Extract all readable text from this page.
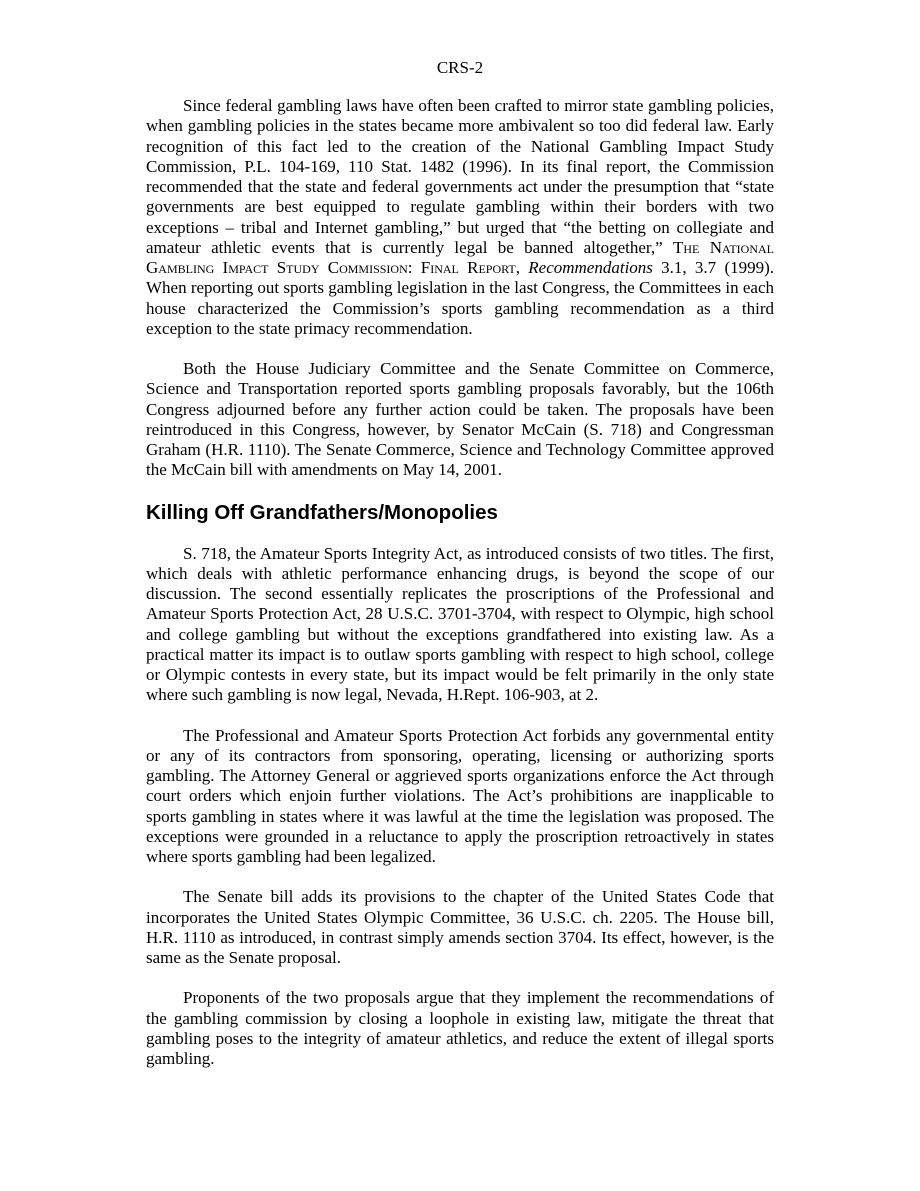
CRS-2

Since federal gambling laws have often been crafted to mirror state gambling policies, when gambling policies in the states became more ambivalent so too did federal law. Early recognition of this fact led to the creation of the National Gambling Impact Study Commission, P.L. 104-169, 110 Stat. 1482 (1996). In its final report, the Commission recommended that the state and federal governments act under the presumption that “state governments are best equipped to regulate gambling within their borders with two exceptions – tribal and Internet gambling,” but urged that “the betting on collegiate and amateur athletic events that is currently legal be banned altogether,” The National Gambling Impact Study Commission: Final Report, Recommendations 3.1, 3.7 (1999). When reporting out sports gambling legislation in the last Congress, the Committees in each house characterized the Commission’s sports gambling recommendation as a third exception to the state primacy recommendation.

Both the House Judiciary Committee and the Senate Committee on Commerce, Science and Transportation reported sports gambling proposals favorably, but the 106th Congress adjourned before any further action could be taken. The proposals have been reintroduced in this Congress, however, by Senator McCain (S. 718) and Congressman Graham (H.R. 1110). The Senate Commerce, Science and Technology Committee approved the McCain bill with amendments on May 14, 2001.

Killing Off Grandfathers/Monopolies

S. 718, the Amateur Sports Integrity Act, as introduced consists of two titles. The first, which deals with athletic performance enhancing drugs, is beyond the scope of our discussion. The second essentially replicates the proscriptions of the Professional and Amateur Sports Protection Act, 28 U.S.C. 3701-3704, with respect to Olympic, high school and college gambling but without the exceptions grandfathered into existing law. As a practical matter its impact is to outlaw sports gambling with respect to high school, college or Olympic contests in every state, but its impact would be felt primarily in the only state where such gambling is now legal, Nevada, H.Rept. 106-903, at 2.

The Professional and Amateur Sports Protection Act forbids any governmental entity or any of its contractors from sponsoring, operating, licensing or authorizing sports gambling. The Attorney General or aggrieved sports organizations enforce the Act through court orders which enjoin further violations. The Act’s prohibitions are inapplicable to sports gambling in states where it was lawful at the time the legislation was proposed. The exceptions were grounded in a reluctance to apply the proscription retroactively in states where sports gambling had been legalized.

The Senate bill adds its provisions to the chapter of the United States Code that incorporates the United States Olympic Committee, 36 U.S.C. ch. 2205. The House bill, H.R. 1110 as introduced, in contrast simply amends section 3704. Its effect, however, is the same as the Senate proposal.

Proponents of the two proposals argue that they implement the recommendations of the gambling commission by closing a loophole in existing law, mitigate the threat that gambling poses to the integrity of amateur athletics, and reduce the extent of illegal sports gambling.
